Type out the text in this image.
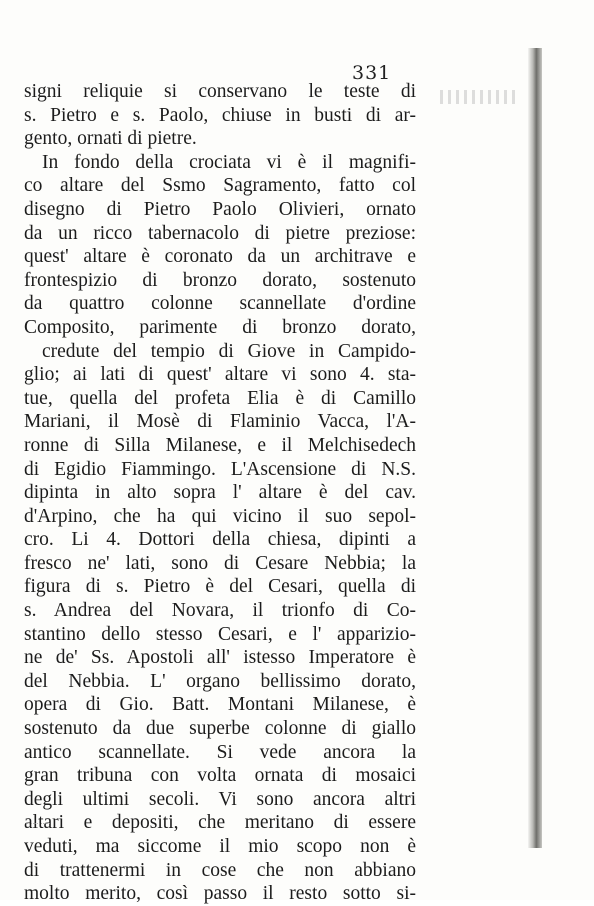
331
signi reliquie si conservano le teste di
s. Pietro e s. Paolo, chiuse in busti di ar-
gento, ornati di pietre.
In fondo della crociata vi è il magnifi-
co altare del Ssmo Sagramento, fatto col
disegno di Pietro Paolo Olivieri, ornato
da un ricco tabernacolo di pietre preziose:
quest' altare è coronato da un architrave e
frontespizio di bronzo dorato, sostenuto
da quattro colonne scannellate d'ordine
Composito, parimente di bronzo dorato,
credute del tempio di Giove in Campido-
glio; ai lati di quest' altare vi sono 4. sta-
tue, quella del profeta Elia è di Camillo
Mariani, il Mosè di Flaminio Vacca, l'A-
ronne di Silla Milanese, e il Melchisedech
di Egidio Fiammingo. L'Ascensione di N.S.
dipinta in alto sopra l' altare è del cav.
d'Arpino, che ha qui vicino il suo sepol-
cro. Li 4. Dottori della chiesa, dipinti a
fresco ne' lati, sono di Cesare Nebbia; la
figura di s. Pietro è del Cesari, quella di
s. Andrea del Novara, il trionfo di Co-
stantino dello stesso Cesari, e l' apparizio-
ne de' Ss. Apostoli all' istesso Imperatore è
del Nebbia. L' organo bellissimo dorato,
opera di Gio. Batt. Montani Milanese, è
sostenuto da due superbe colonne di giallo
antico scannellate. Si vede ancora la
gran tribuna con volta ornata di mosaici
degli ultimi secoli. Vi sono ancora altri
altari e depositi, che meritano di essere
veduti, ma siccome il mio scopo non è
di trattenermi in cose che non abbiano
molto merito, così passo il resto sotto si-
